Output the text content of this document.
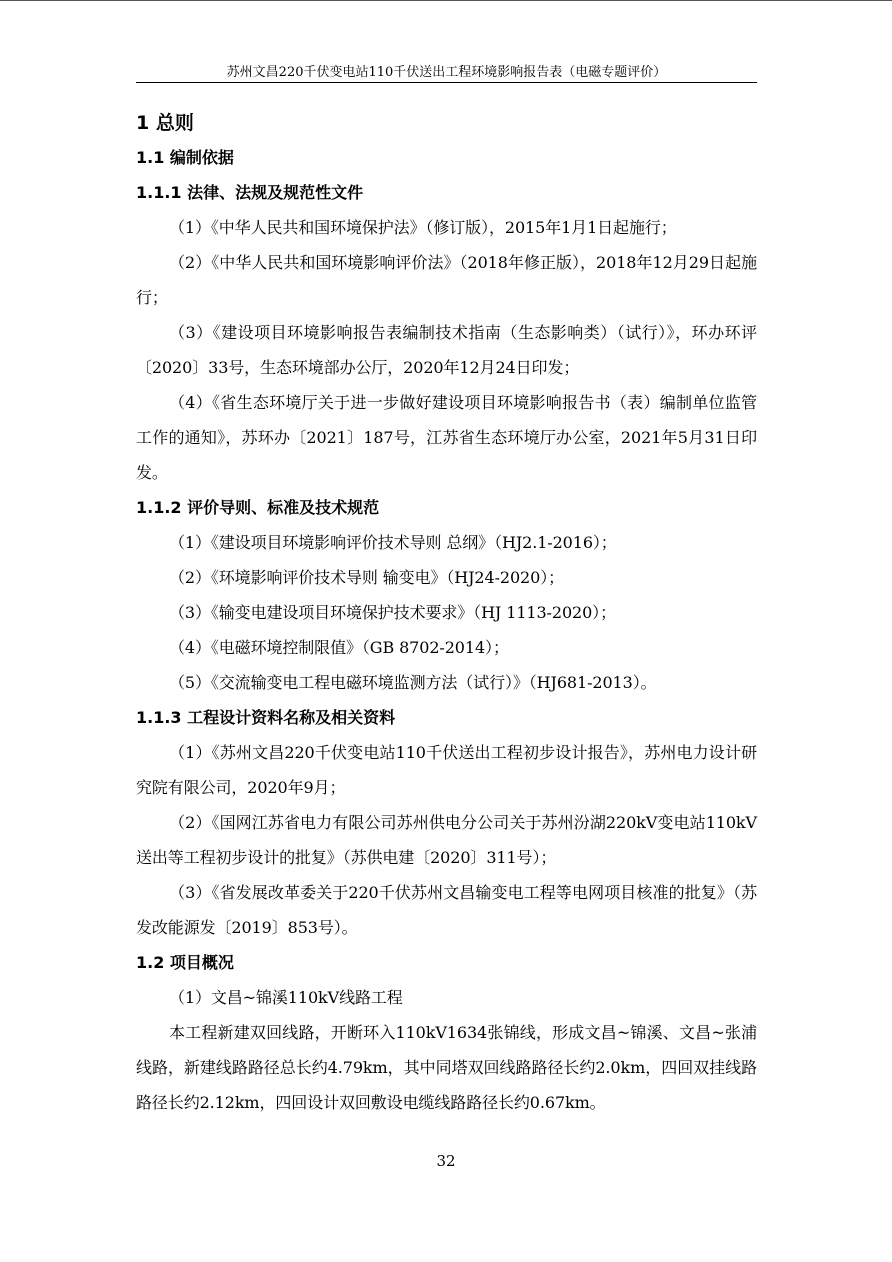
苏州文昌220千伏变电站110千伏送出工程环境影响报告表（电磁专题评价）
1 总则
1.1 编制依据
1.1.1 法律、法规及规范性文件
（1）《中华人民共和国环境保护法》（修订版），2015年1月1日起施行；
（2）《中华人民共和国环境影响评价法》（2018年修正版），2018年12月29日起施行；
（3）《建设项目环境影响报告表编制技术指南（生态影响类）（试行）》，环办环评〔2020〕33号，生态环境部办公厅，2020年12月24日印发；
（4）《省生态环境厅关于进一步做好建设项目环境影响报告书（表）编制单位监管工作的通知》，苏环办〔2021〕187号，江苏省生态环境厅办公室，2021年5月31日印发。
1.1.2 评价导则、标准及技术规范
（1）《建设项目环境影响评价技术导则 总纲》（HJ2.1-2016）；
（2）《环境影响评价技术导则 输变电》（HJ24-2020）；
（3）《输变电建设项目环境保护技术要求》（HJ 1113-2020）；
（4）《电磁环境控制限值》（GB 8702-2014）；
（5）《交流输变电工程电磁环境监测方法（试行）》（HJ681-2013）。
1.1.3 工程设计资料名称及相关资料
（1）《苏州文昌220千伏变电站110千伏送出工程初步设计报告》，苏州电力设计研究院有限公司，2020年9月；
（2）《国网江苏省电力有限公司苏州供电分公司关于苏州汾湖220kV变电站110kV送出等工程初步设计的批复》（苏供电建〔2020〕311号）；
（3）《省发展改革委关于220千伏苏州文昌输变电工程等电网项目核准的批复》（苏发改能源发〔2019〕853号）。
1.2 项目概况
（1）文昌~锦溪110kV线路工程
本工程新建双回线路，开断环入110kV1634张锦线，形成文昌~锦溪、文昌~张浦线路，新建线路路径总长约4.79km，其中同塔双回线路路径长约2.0km，四回双挂线路路径长约2.12km，四回设计双回敷设电缆线路路径长约0.67km。
32
